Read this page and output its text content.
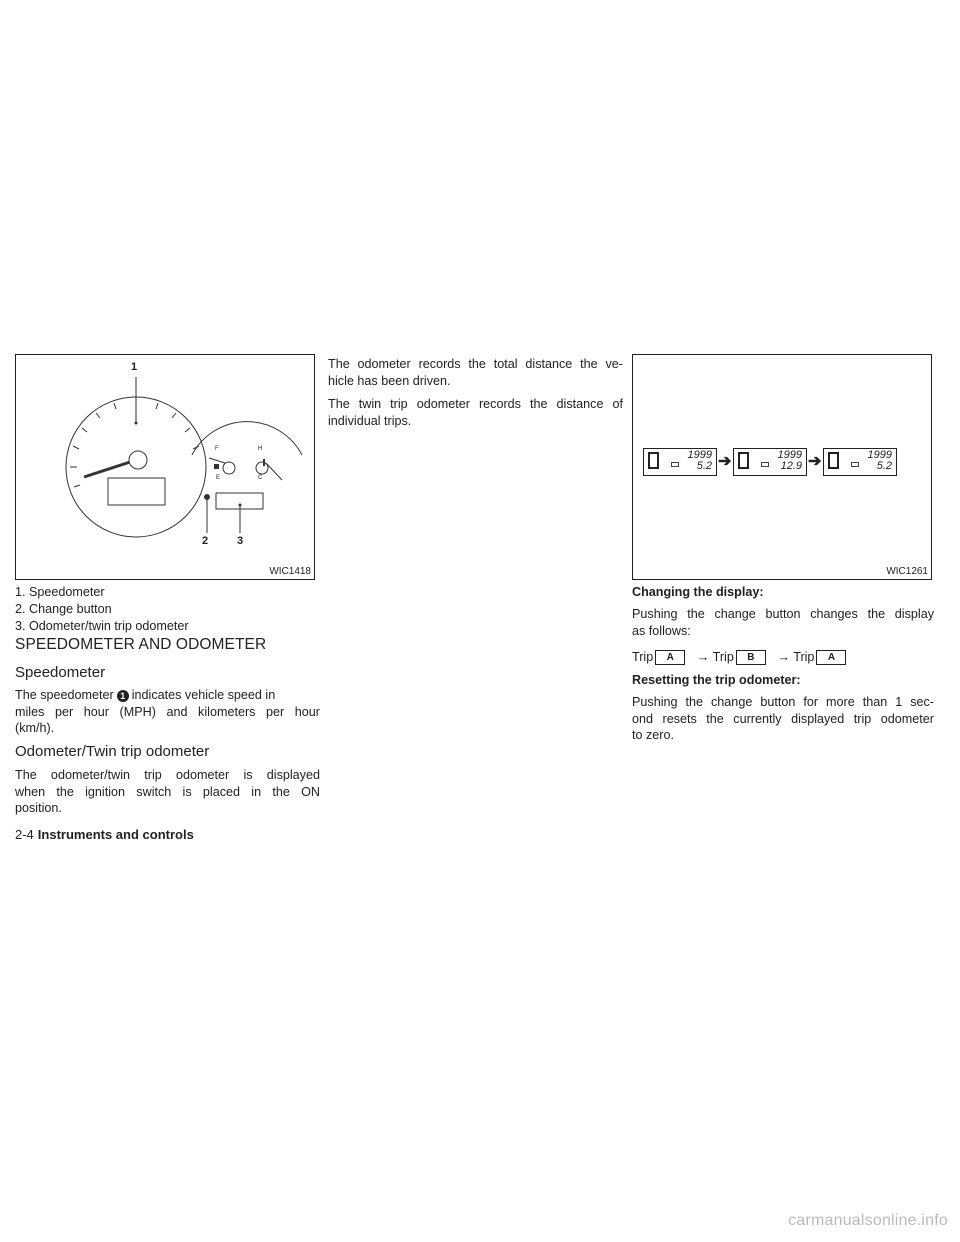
1
2	3
F
E
H
C
WIC1418
1. Speedometer
2. Change button
3. Odometer/twin trip odometer
SPEEDOMETER AND ODOMETER
Speedometer

The speedometer 1 indicates vehicle speed in

miles per hour (MPH) and kilometers per hour

(km/h).

Odometer/Twin trip odometer

The odometer/twin trip odometer is displayed

when the ignition switch is placed in the ON

position.

The odometer records the total distance the ve-

hicle has been driven.

The twin trip odometer records the distance of

individual trips.

1999
5.2 ➔	1999
12.9 ➔	1999
5.2
WIC1261
Changing the display:

Pushing the change button changes the display

as follows:

Trip A → Trip B → Trip A
Resetting the trip odometer:

Pushing the change button for more than 1 sec-

ond resets the currently displayed trip odometer

to zero.

2-4 Instruments and controls
carmanualsonline.info
